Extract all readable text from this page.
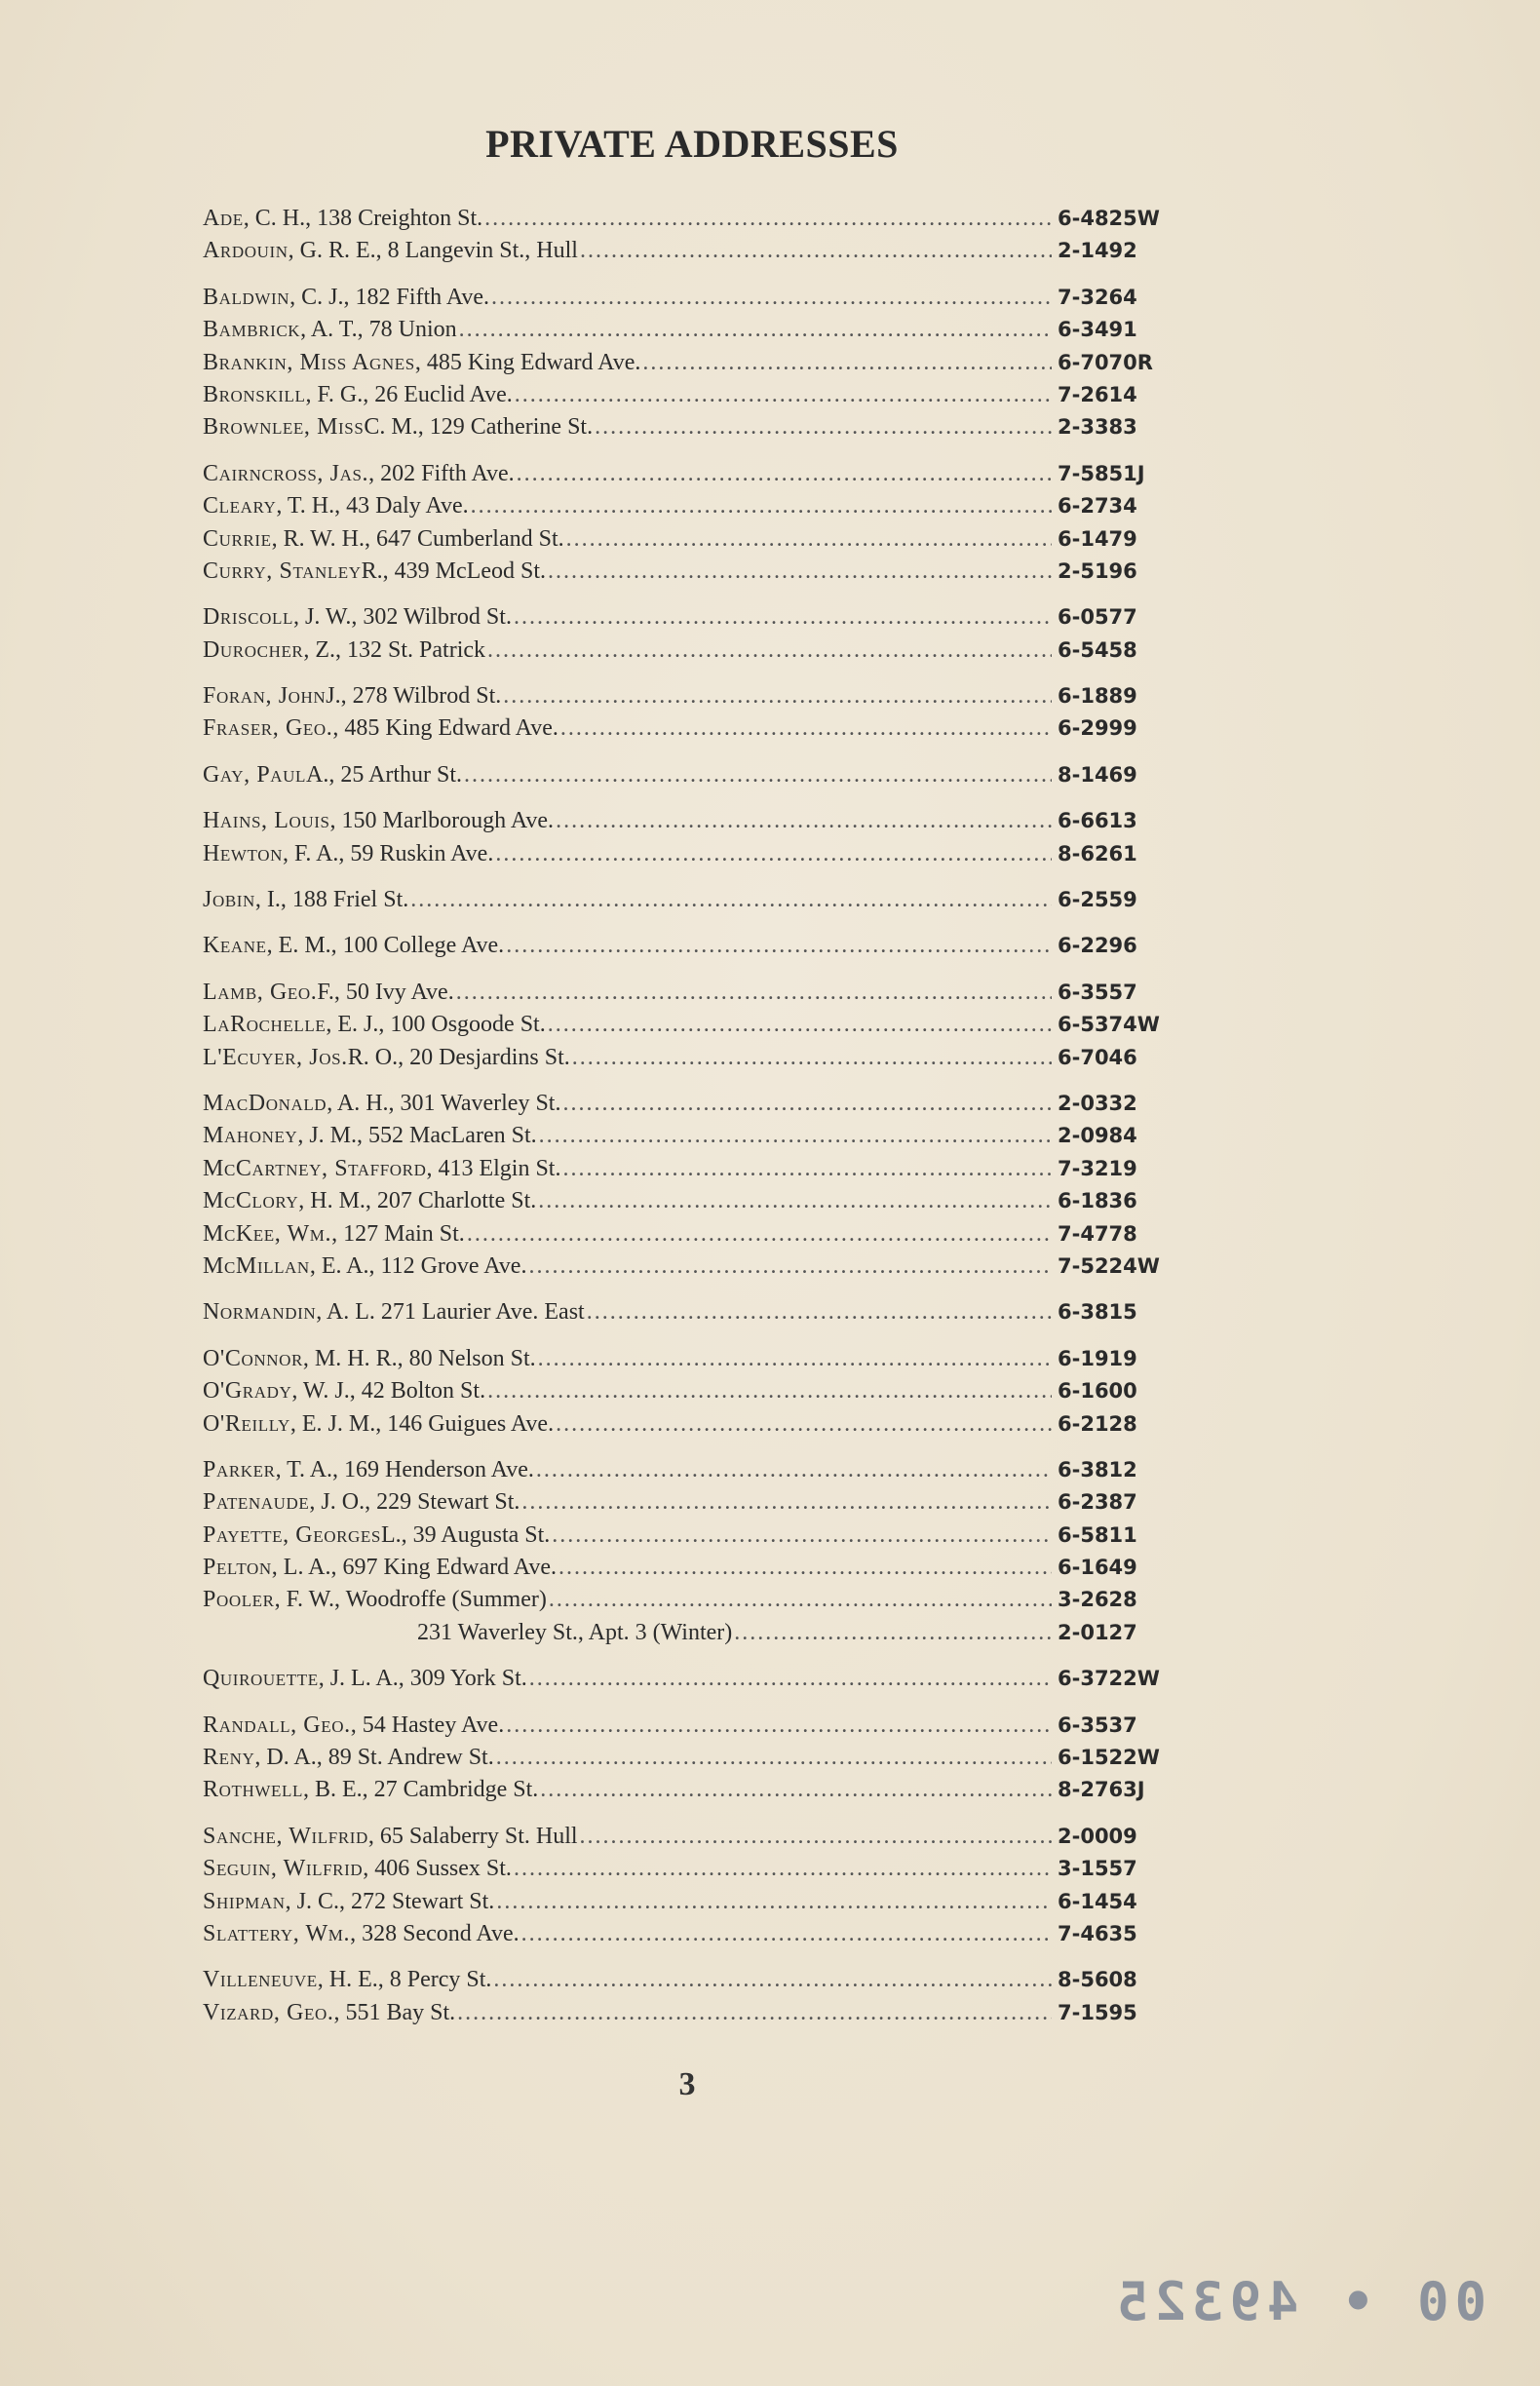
PRIVATE ADDRESSES
Ade , C. H., 138 Creighton St. .....	6-4825W
Ardouin , G. R. E., 8 Langevin St., Hull .....	2-1492
Baldwin , C. J., 182 Fifth Ave. .....	7-3264
Bambrick , A. T., 78 Union .....	6-3491
Brankin, Miss Agnes , 485 King Edward Ave. .....	6-7070R
Bronskill , F. G., 26 Euclid Ave. .....	7-2614
Brownlee, Miss C. M., 129 Catherine St. .....	2-3383
Cairncross, Jas. , 202 Fifth Ave. .....	7-5851J
Cleary , T. H., 43 Daly Ave. .....	6-2734
Currie , R. W. H., 647 Cumberland St. .....	6-1479
Curry, Stanley R., 439 McLeod St. .....	2-5196
Driscoll , J. W., 302 Wilbrod St. .....	6-0577
Durocher , Z., 132 St. Patrick .....	6-5458
Foran, John J., 278 Wilbrod St. .....	6-1889
Fraser, Geo. , 485 King Edward Ave. .....	6-2999
Gay, Paul A., 25 Arthur St. .....	8-1469
Hains, Louis , 150 Marlborough Ave. .....	6-6613
Hewton , F. A., 59 Ruskin Ave. .....	8-6261
Jobin , I., 188 Friel St. .....	6-2559
Keane , E. M., 100 College Ave. .....	6-2296
Lamb, Geo. F., 50 Ivy Ave. .....	6-3557
LaRochelle , E. J., 100 Osgoode St. .....	6-5374W
L'Ecuyer, Jos. R. O., 20 Desjardins St. .....	6-7046
MacDonald , A. H., 301 Waverley St. .....	2-0332
Mahoney , J. M., 552 MacLaren St. .....	2-0984
McCartney, Stafford , 413 Elgin St. .....	7-3219
McClory , H. M., 207 Charlotte St. .....	6-1836
McKee, Wm. , 127 Main St. .....	7-4778
McMillan , E. A., 112 Grove Ave. .....	7-5224W
Normandin , A. L. 271 Laurier Ave. East .....	6-3815
O'Connor , M. H. R., 80 Nelson St. .....	6-1919
O'Grady , W. J., 42 Bolton St. .....	6-1600
O'Reilly , E. J. M., 146 Guigues Ave. .....	6-2128
Parker , T. A., 169 Henderson Ave. .....	6-3812
Patenaude , J. O., 229 Stewart St. .....	6-2387
Payette, Georges L., 39 Augusta St. .....	6-5811
Pelton , L. A., 697 King Edward Ave. .....	6-1649
Pooler , F. W., Woodroffe (Summer) .....	3-2628
231 Waverley St., Apt. 3 (Winter) .....	2-0127
Quirouette , J. L. A., 309 York St. .....	6-3722W
Randall, Geo. , 54 Hastey Ave. .....	6-3537
Reny , D. A., 89 St. Andrew St. .....	6-1522W
Rothwell , B. E., 27 Cambridge St. .....	8-2763J
Sanche, Wilfrid , 65 Salaberry St. Hull .....	2-0009
Seguin, Wilfrid , 406 Sussex St. .....	3-1557
Shipman , J. C., 272 Stewart St. .....	6-1454
Slattery, Wm. , 328 Second Ave. .....	7-4635
Villeneuve , H. E., 8 Percy St. .....	8-5608
Vizard, Geo. , 551 Bay St. .....	7-1595
3
00 • 49325
